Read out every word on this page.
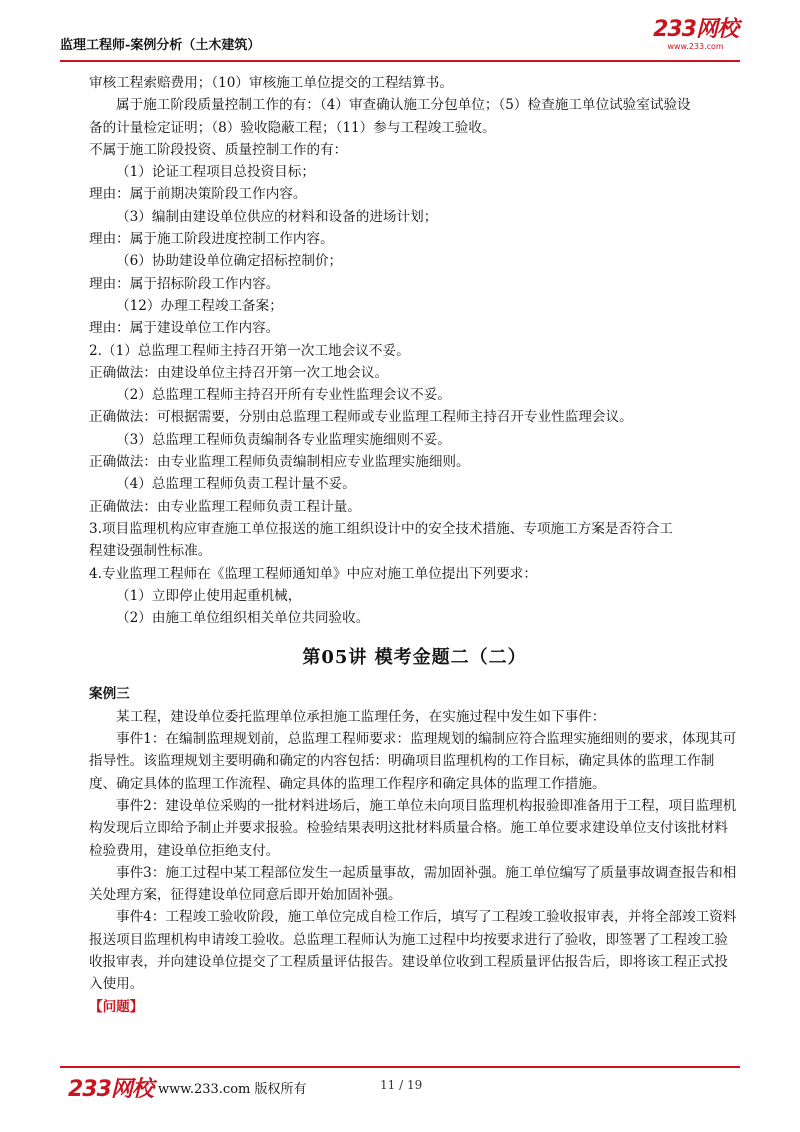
监理工程师-案例分析（土木建筑）
233网校
www.233.com
审核工程索赔费用；（10）审核施工单位提交的工程结算书。
属于施工阶段质量控制工作的有：（4）审查确认施工分包单位；（5）检查施工单位试验室试验设
备的计量检定证明；（8）验收隐蔽工程；（11）参与工程竣工验收。
不属于施工阶段投资、质量控制工作的有：
（1）论证工程项目总投资目标；
理由：属于前期决策阶段工作内容。
（3）编制由建设单位供应的材料和设备的进场计划；
理由：属于施工阶段进度控制工作内容。
（6）协助建设单位确定招标控制价；
理由：属于招标阶段工作内容。
（12）办理工程竣工备案；
理由：属于建设单位工作内容。
2.（1）总监理工程师主持召开第一次工地会议不妥。
正确做法：由建设单位主持召开第一次工地会议。
（2）总监理工程师主持召开所有专业性监理会议不妥。
正确做法：可根据需要，分别由总监理工程师或专业监理工程师主持召开专业性监理会议。
（3）总监理工程师负责编制各专业监理实施细则不妥。
正确做法：由专业监理工程师负责编制相应专业监理实施细则。
（4）总监理工程师负责工程计量不妥。
正确做法：由专业监理工程师负责工程计量。
3.项目监理机构应审查施工单位报送的施工组织设计中的安全技术措施、专项施工方案是否符合工
程建设强制性标准。
4.专业监理工程师在《监理工程师通知单》中应对施工单位提出下列要求：
（1）立即停止使用起重机械，
（2）由施工单位组织相关单位共同验收。
第05讲 模考金题二（二）
案例三
某工程，建设单位委托监理单位承担施工监理任务，在实施过程中发生如下事件：
事件1：在编制监理规划前，总监理工程师要求：监理规划的编制应符合监理实施细则的要求，体现其可指导性。该监理规划主要明确和确定的内容包括：明确项目监理机构的工作目标，确定具体的监理工作制度、确定具体的监理工作流程、确定具体的监理工作程序和确定具体的监理工作措施。
事件2：建设单位采购的一批材料进场后，施工单位未向项目监理机构报验即准备用于工程，项目监理机构发现后立即给予制止并要求报验。检验结果表明这批材料质量合格。施工单位要求建设单位支付该批材料检验费用，建设单位拒绝支付。
事件3：施工过程中某工程部位发生一起质量事故，需加固补强。施工单位编写了质量事故调查报告和相关处理方案，征得建设单位同意后即开始加固补强。
事件4：工程竣工验收阶段，施工单位完成自检工作后，填写了工程竣工验收报审表，并将全部竣工资料报送项目监理机构申请竣工验收。总监理工程师认为施工过程中均按要求进行了验收，即签署了工程竣工验收报审表，并向建设单位提交了工程质量评估报告。建设单位收到工程质量评估报告后，即将该工程正式投入使用。
【问题】
233网校 www.233.com 版权所有	11 / 19
